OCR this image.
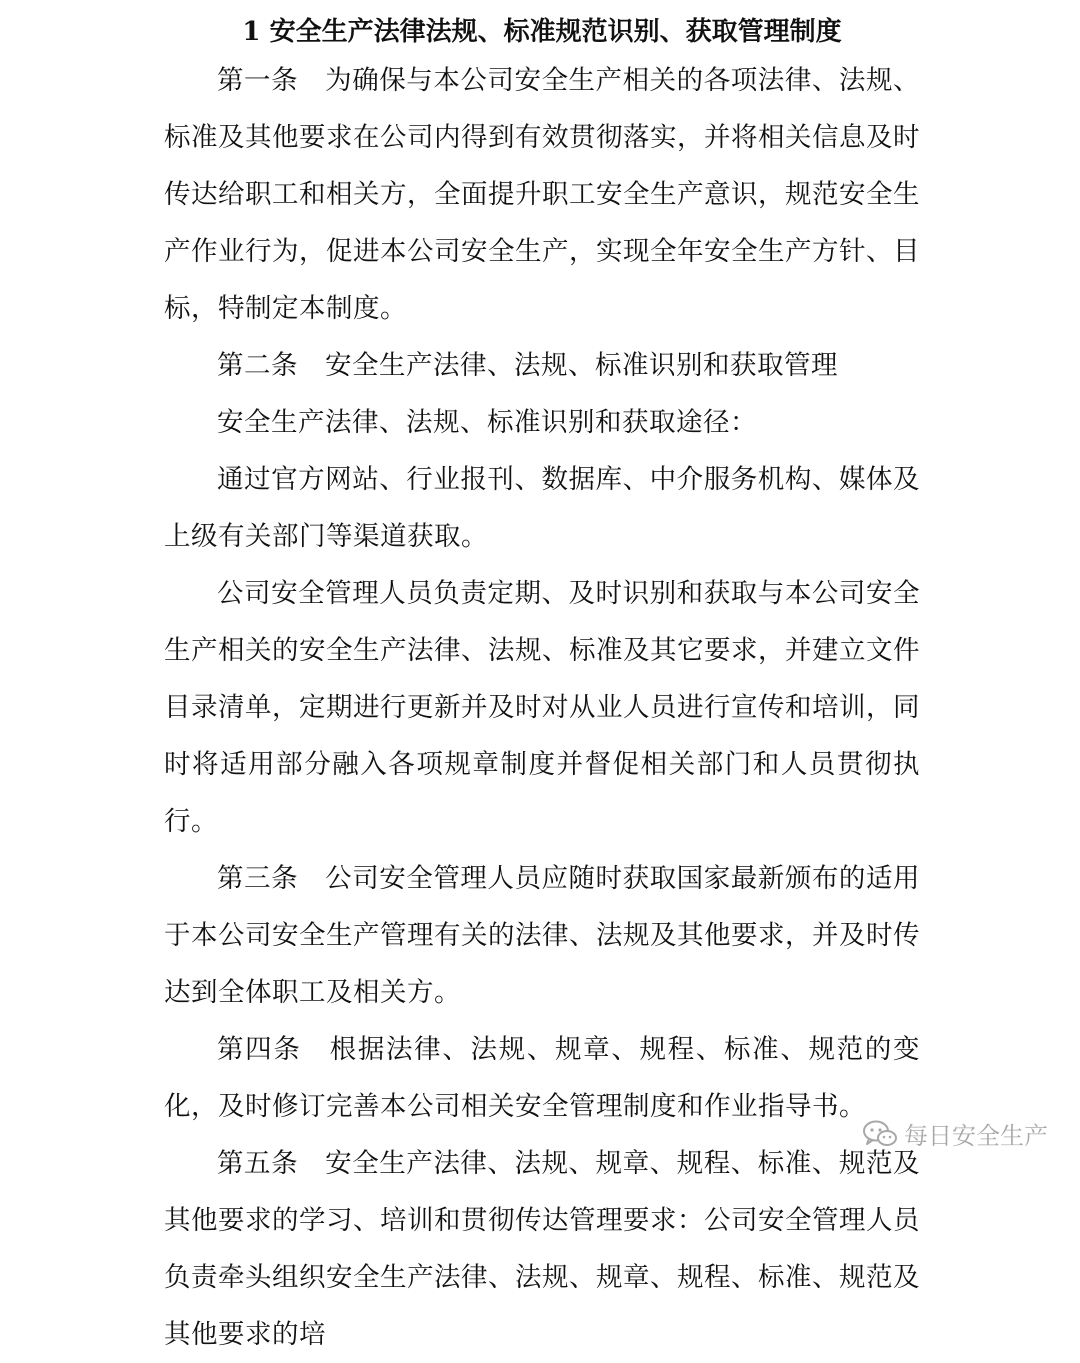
1 安全生产法律法规、标准规范识别、获取管理制度

第一条　为确保与本公司安全生产相关的各项法律、法规、标准及其他要求在公司内得到有效贯彻落实，并将相关信息及时传达给职工和相关方，全面提升职工安全生产意识，规范安全生产作业行为，促进本公司安全生产，实现全年安全生产方针、目标，特制定本制度。

第二条　安全生产法律、法规、标准识别和获取管理

安全生产法律、法规、标准识别和获取途径：

通过官方网站、行业报刊、数据库、中介服务机构、媒体及上级有关部门等渠道获取。

公司安全管理人员负责定期、及时识别和获取与本公司安全生产相关的安全生产法律、法规、标准及其它要求，并建立文件目录清单，定期进行更新并及时对从业人员进行宣传和培训，同时将适用部分融入各项规章制度并督促相关部门和人员贯彻执行。

第三条　公司安全管理人员应随时获取国家最新颁布的适用于本公司安全生产管理有关的法律、法规及其他要求，并及时传达到全体职工及相关方。

第四条　根据法律、法规、规章、规程、标准、规范的变化，及时修订完善本公司相关安全管理制度和作业指导书。

第五条　安全生产法律、法规、规章、规程、标准、规范及其他要求的学习、培训和贯彻传达管理要求：公司安全管理人员负责牵头组织安全生产法律、法规、规章、规程、标准、规范及其他要求的培

每日安全生产
